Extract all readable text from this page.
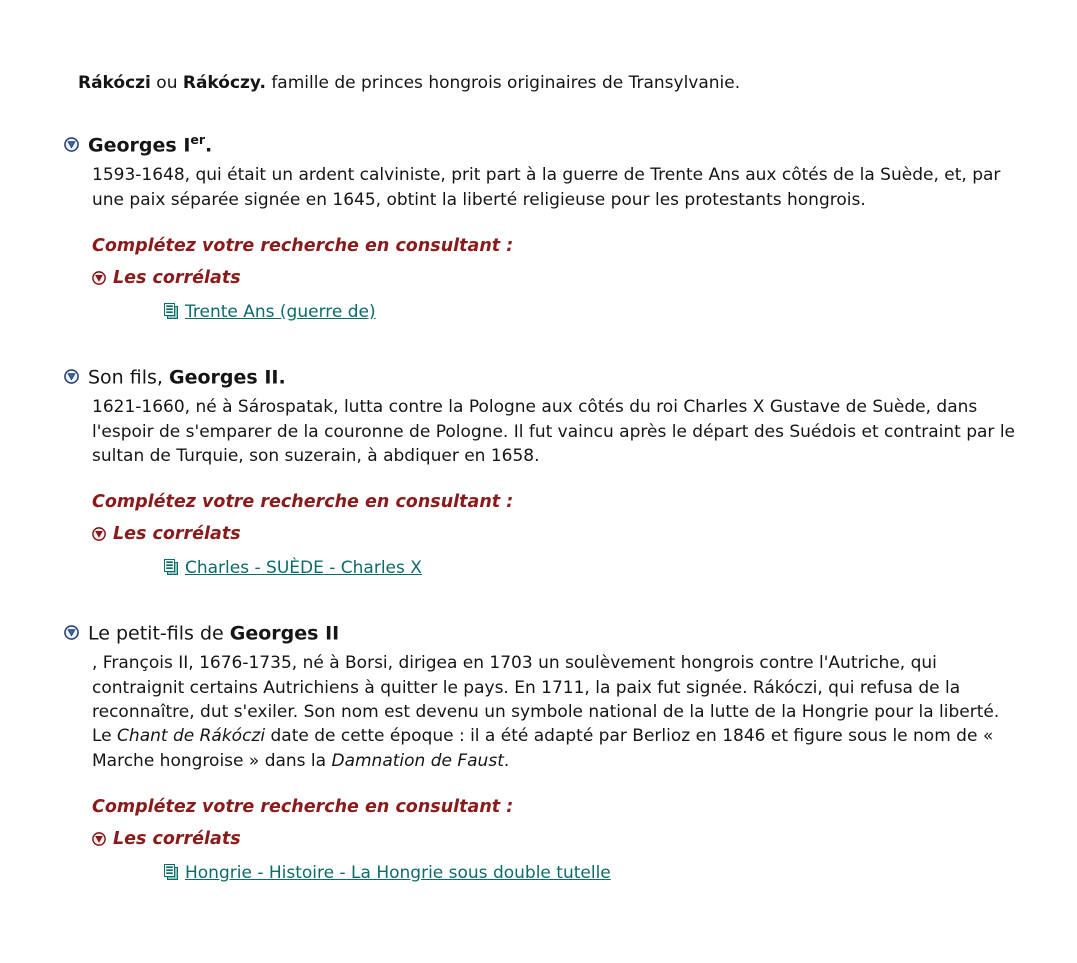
Rákóczi ou Rákóczy. famille de princes hongrois originaires de Transylvanie.

Georges Ier.

1593-1648, qui était un ardent calviniste, prit part à la guerre de Trente Ans aux côtés de la Suède, et, par une paix séparée signée en 1645, obtint la liberté religieuse pour les protestants hongrois.

Complétez votre recherche en consultant :

Les corrélats
Trente Ans (guerre de)
Son fils, Georges II.

1621-1660, né à Sárospatak, lutta contre la Pologne aux côtés du roi Charles X Gustave de Suède, dans l'espoir de s'emparer de la couronne de Pologne. Il fut vaincu après le départ des Suédois et contraint par le sultan de Turquie, son suzerain, à abdiquer en 1658.

Complétez votre recherche en consultant :

Les corrélats
Charles - SUÈDE - Charles X
Le petit-fils de Georges II

, François II, 1676-1735, né à Borsi, dirigea en 1703 un soulèvement hongrois contre l'Autriche, qui contraignit certains Autrichiens à quitter le pays. En 1711, la paix fut signée. Rákóczi, qui refusa de la reconnaître, dut s'exiler. Son nom est devenu un symbole national de la lutte de la Hongrie pour la liberté. Le Chant de Rákóczi date de cette époque : il a été adapté par Berlioz en 1846 et figure sous le nom de « Marche hongroise » dans la Damnation de Faust.

Complétez votre recherche en consultant :

Les corrélats
Hongrie - Histoire - La Hongrie sous double tutelle
